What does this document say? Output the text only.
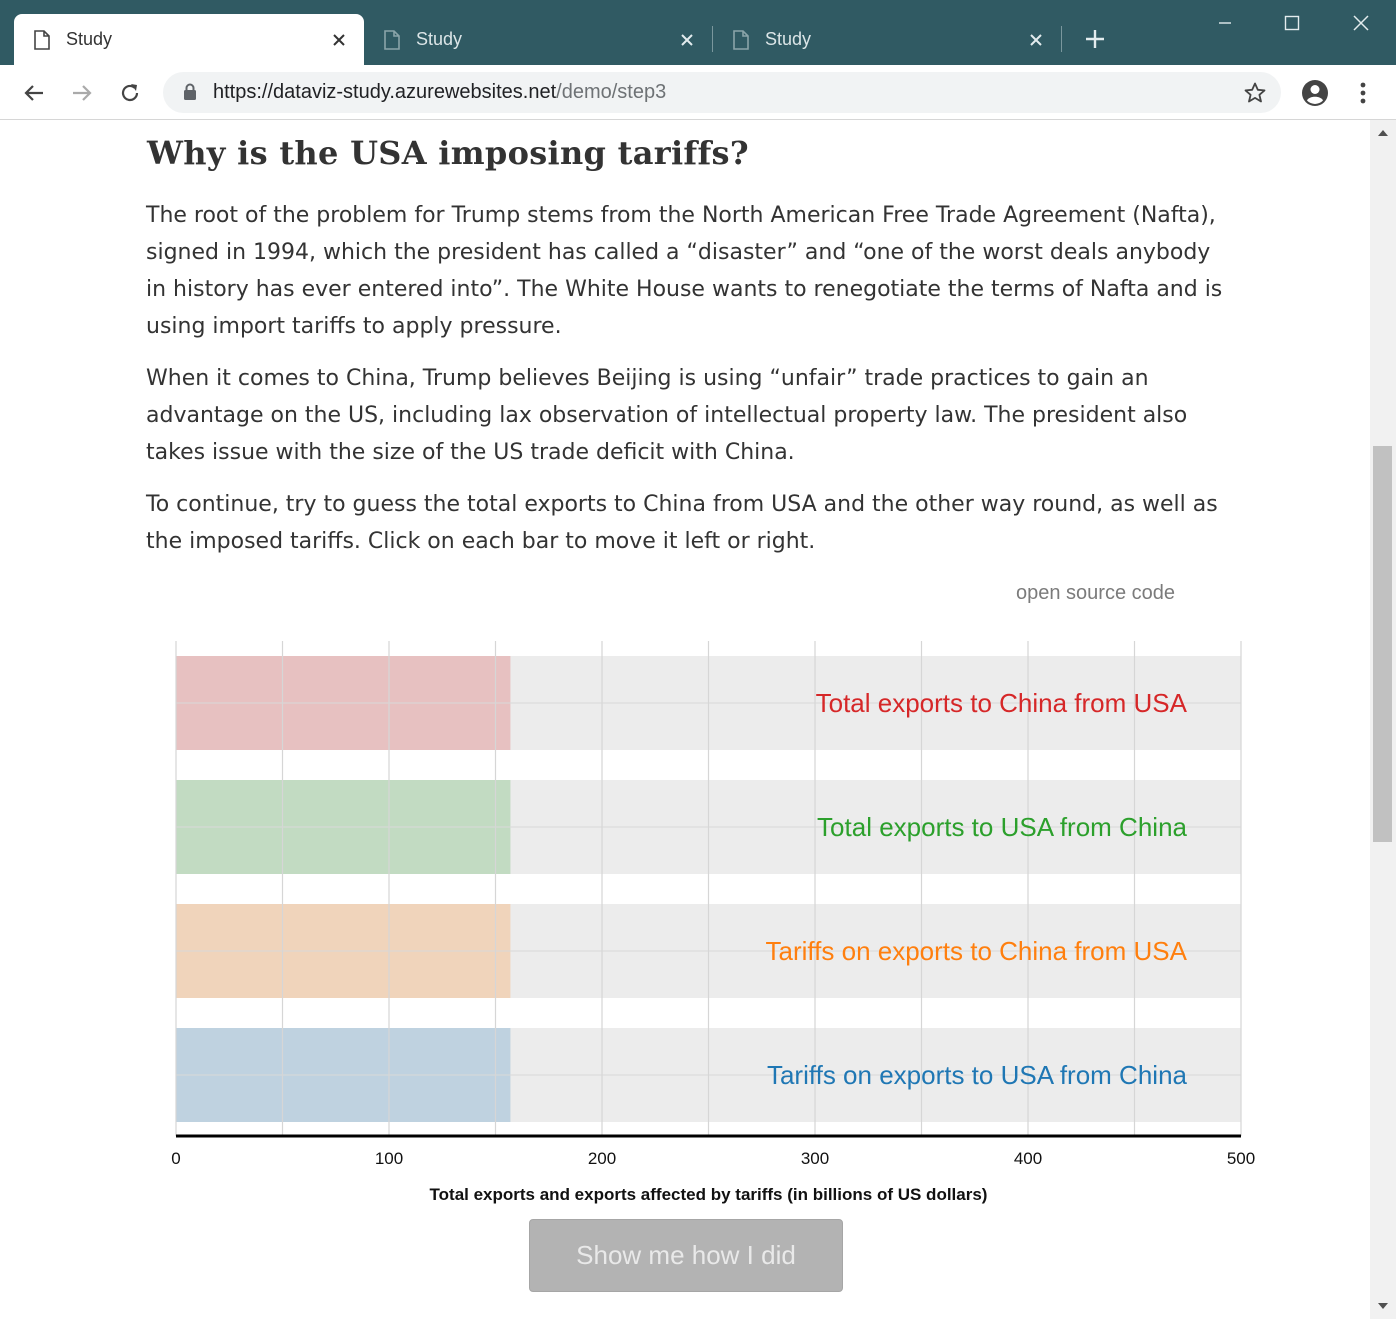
Study	Study	Study
https://dataviz-study.azurewebsites.net/demo/step3
Why is the USA imposing tariffs?

The root of the problem for Trump stems from the North American Free Trade Agreement (Nafta), signed in 1994, which the president has called a “disaster” and “one of the worst deals anybody in history has ever entered into”. The White House wants to renegotiate the terms of Nafta and is using import tariffs to apply pressure.

When it comes to China, Trump believes Beijing is using “unfair” trade practices to gain an advantage on the US, including lax observation of intellectual property law. The president also takes issue with the size of the US trade deficit with China.

To continue, try to guess the total exports to China from USA and the other way round, as well as the imposed tariffs. Click on each bar to move it left or right.

open source code
Total exports to China from USA
Total exports to USA from China
Tariffs on exports to China from USA
Tariffs on exports to USA from China
0	100	200	300	400	500
Total exports and exports affected by tariffs (in billions of US dollars)
Show me how I did
